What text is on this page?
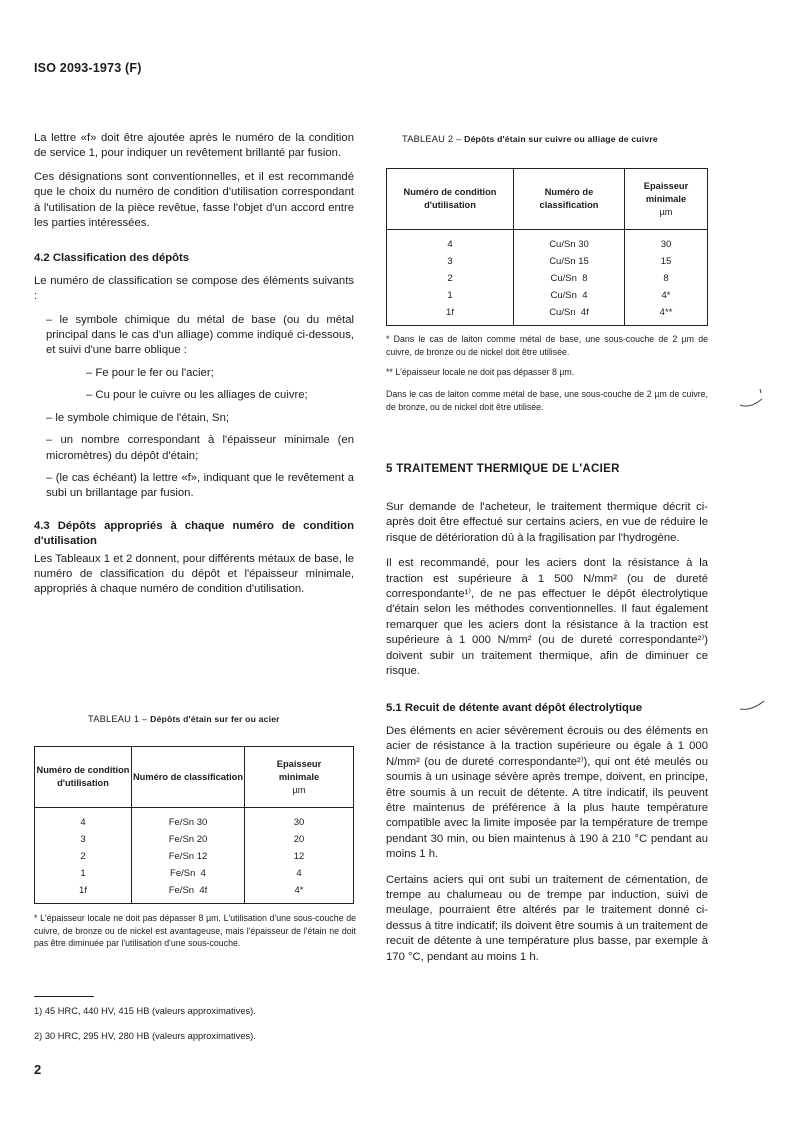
ISO 2093-1973 (F)

La lettre «f» doit être ajoutée après le numéro de la condition de service 1, pour indiquer un revêtement brillanté par fusion.

Ces désignations sont conventionnelles, et il est recommandé que le choix du numéro de condition d'utilisation correspondant à l'utilisation de la pièce revêtue, fasse l'objet d'un accord entre les parties intéressées.

4.2 Classification des dépôts

Le numéro de classification se compose des éléments suivants :

– le symbole chimique du métal de base (ou du métal principal dans le cas d'un alliage) comme indiqué ci-dessous, et suivi d'une barre oblique :

– Fe pour le fer ou l'acier;

– Cu pour le cuivre ou les alliages de cuivre;

– le symbole chimique de l'étain, Sn;

– un nombre correspondant à l'épaisseur minimale (en micromètres) du dépôt d'étain;

– (le cas échéant) la lettre «f», indiquant que le revêtement a subi un brillantage par fusion.

4.3 Dépôts appropriés à chaque numéro de condition d'utilisation

Les Tableaux 1 et 2 donnent, pour différents métaux de base, le numéro de classification du dépôt et l'épaisseur minimale, appropriés à chaque numéro de condition d'utilisation.

TABLEAU 1 – Dépôts d'étain sur fer ou acier
Numéro de condition d'utilisation	Numéro de classification	Epaisseur minimale
µm

4	Fe/Sn 30	30
3	Fe/Sn 20	20
2	Fe/Sn 12	12
1	Fe/Sn  4	4
1f	Fe/Sn  4f	4*
* L'épaisseur locale ne doit pas dépasser 8 µm. L'utilisation d'une sous-couche de cuivre, de bronze ou de nickel est avantageuse, mais l'épaisseur de l'étain ne doit pas être diminuée par l'utilisation d'une sous-couche.
TABLEAU 2 – Dépôts d'étain sur cuivre ou alliage de cuivre
Numéro de condition d'utilisation	Numéro de classification	Epaisseur minimale
µm

4	Cu/Sn 30	30
3	Cu/Sn 15	15
2	Cu/Sn  8	8
1	Cu/Sn  4	4*
1f	Cu/Sn  4f	4**
* Dans le cas de laiton comme métal de base, une sous-couche de 2 µm de cuivre, de bronze ou de nickel doit être utilisée.
** L'épaisseur locale ne doit pas dépasser 8 µm.
Dans le cas de laiton comme métal de base, une sous-couche de 2 µm de cuivre, de bronze, ou de nickel doit être utilisée.
5 TRAITEMENT THERMIQUE DE L'ACIER

Sur demande de l'acheteur, le traitement thermique décrit ci-après doit être effectué sur certains aciers, en vue de réduire le risque de détérioration dû à la fragilisation par l'hydrogène.

Il est recommandé, pour les aciers dont la résistance à la traction est supérieure à 1 500 N/mm² (ou de dureté correspondante¹⁾, de ne pas effectuer le dépôt électrolytique d'étain selon les méthodes conventionnelles. Il faut également remarquer que les aciers dont la résistance à la traction est supérieure à 1 000 N/mm² (ou de dureté correspondante²⁾) doivent subir un traitement thermique, afin de diminuer ce risque.

5.1 Recuit de détente avant dépôt électrolytique

Des éléments en acier sévèrement écrouis ou des éléments en acier de résistance à la traction supérieure ou égale à 1 000 N/mm² (ou de dureté correspondante²⁾), qui ont été meulés ou soumis à un usinage sévère après trempe, doivent, en principe, être soumis à un recuit de détente. A titre indicatif, ils peuvent être maintenus de préférence à la plus haute température compatible avec la limite imposée par la température de trempe pendant 30 min, ou bien maintenus à 190 à 210 °C pendant au moins 1 h.

Certains aciers qui ont subi un traitement de cémentation, de trempe au chalumeau ou de trempe par induction, suivi de meulage, pourraient être altérés par le traitement donné ci-dessus à titre indicatif; ils doivent être soumis à un traitement de recuit de détente à une température plus basse, par exemple à 170 °C, pendant au moins 1 h.

1) 45 HRC, 440 HV, 415 HB (valeurs approximatives).
2) 30 HRC, 295 HV, 280 HB (valeurs approximatives).
2
